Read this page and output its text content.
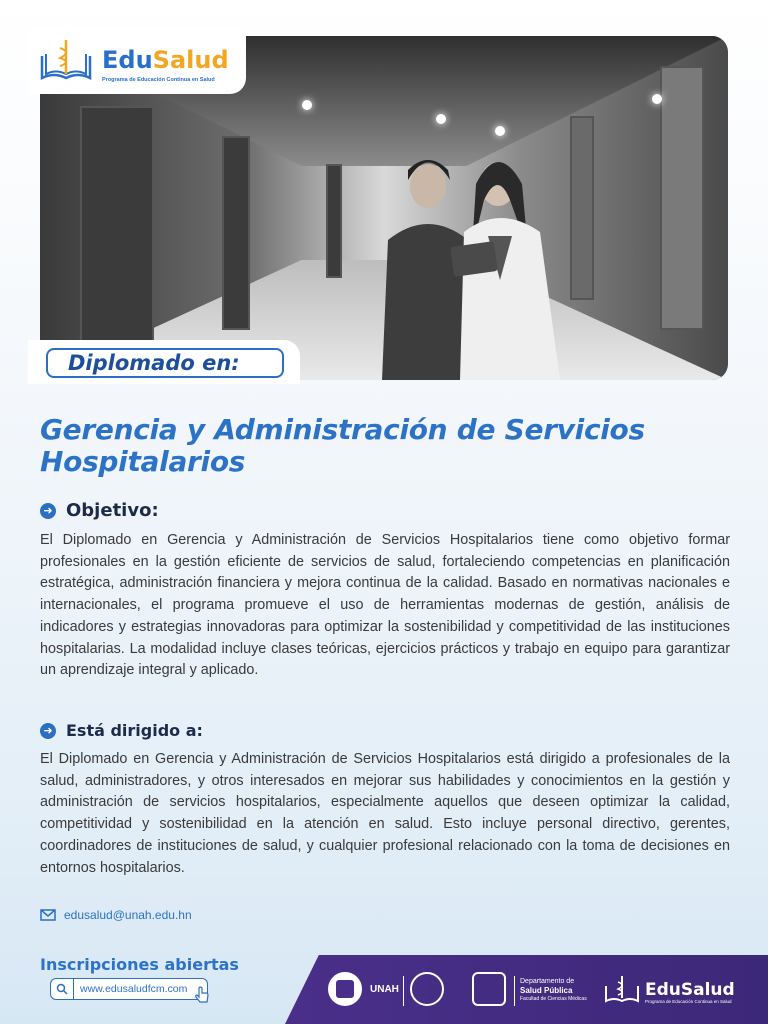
EduSalud
Programa de Educación Continua en Salud
Diplomado en:
Gerencia y Administración de Servicios Hospitalarios
➜ Objetivo:
El Diplomado en Gerencia y Administración de Servicios Hospitalarios tiene como objetivo formar profesionales en la gestión eficiente de servicios de salud, fortaleciendo competencias en planificación estratégica, administración financiera y mejora continua de la calidad. Basado en normativas nacionales e internacionales, el programa promueve el uso de herramientas modernas de gestión, análisis de indicadores y estrategias innovadoras para optimizar la sostenibilidad y competitividad de las instituciones hospitalarias. La modalidad incluye clases teóricas, ejercicios prácticos y trabajo en equipo para garantizar un aprendizaje integral y aplicado.
➜ Está dirigido a:
El Diplomado en Gerencia y Administración de Servicios Hospitalarios está dirigido a profesionales de la salud, administradores, y otros interesados en mejorar sus habilidades y conocimientos en la gestión y administración de servicios hospitalarios, especialmente aquellos que deseen optimizar la calidad, competitividad y sostenibilidad en la atención en salud. Esto incluye personal directivo, gerentes, coordinadores de instituciones de salud, y cualquier profesional relacionado con la toma de decisiones en entornos hospitalarios.
edusalud@unah.edu.hn
Inscripciones abiertas
www.edusaludfcm.com	UNAH
Departamento de
Salud Pública
Facultad de Ciencias Médicas	EduSalud
Programa de Educación Continua en Salud
